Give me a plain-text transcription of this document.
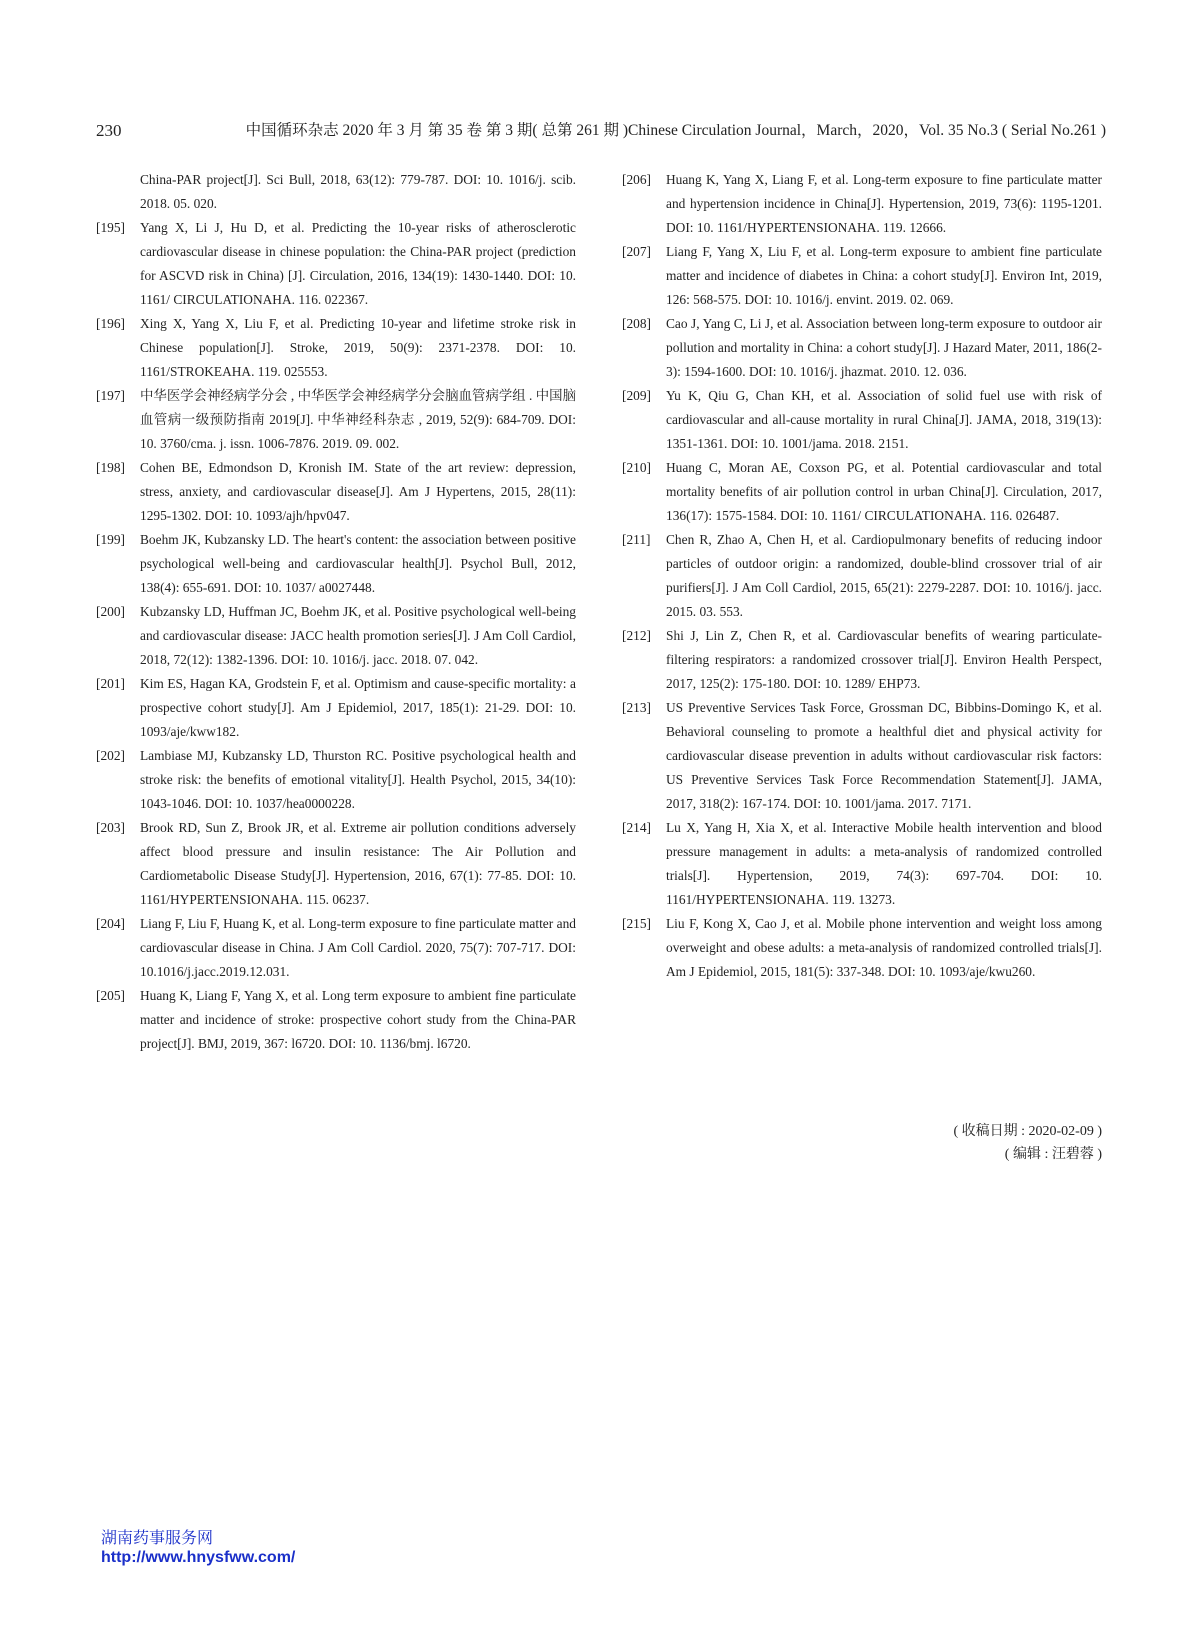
230	中国循环杂志 2020 年 3 月 第 35 卷 第 3 期( 总第 261 期 )Chinese Circulation Journal，March，2020，Vol. 35 No.3 ( Serial No.261 )
China-PAR project[J]. Sci Bull, 2018, 63(12): 779-787. DOI: 10. 1016/j. scib. 2018. 05. 020.
[195]	Yang X, Li J, Hu D, et al. Predicting the 10-year risks of atherosclerotic cardiovascular disease in chinese population: the China-PAR project (prediction for ASCVD risk in China) [J]. Circulation, 2016, 134(19): 1430-1440. DOI: 10. 1161/ CIRCULATIONAHA. 116. 022367.
[196]	Xing X, Yang X, Liu F, et al. Predicting 10-year and lifetime stroke risk in Chinese population[J]. Stroke, 2019, 50(9): 2371-2378. DOI: 10. 1161/STROKEAHA. 119. 025553.
[197]	中华医学会神经病学分会 , 中华医学会神经病学分会脑血管病学组 . 中国脑血管病一级预防指南 2019[J]. 中华神经科杂志 , 2019, 52(9): 684-709. DOI: 10. 3760/cma. j. issn. 1006-7876. 2019. 09. 002.
[198]	Cohen BE, Edmondson D, Kronish IM. State of the art review: depression, stress, anxiety, and cardiovascular disease[J]. Am J Hypertens, 2015, 28(11): 1295-1302. DOI: 10. 1093/ajh/hpv047.
[199]	Boehm JK, Kubzansky LD. The heart's content: the association between positive psychological well-being and cardiovascular health[J]. Psychol Bull, 2012, 138(4): 655-691. DOI: 10. 1037/ a0027448.
[200]	Kubzansky LD, Huffman JC, Boehm JK, et al. Positive psychological well-being and cardiovascular disease: JACC health promotion series[J]. J Am Coll Cardiol, 2018, 72(12): 1382-1396. DOI: 10. 1016/j. jacc. 2018. 07. 042.
[201]	Kim ES, Hagan KA, Grodstein F, et al. Optimism and cause-specific mortality: a prospective cohort study[J]. Am J Epidemiol, 2017, 185(1): 21-29. DOI: 10. 1093/aje/kww182.
[202]	Lambiase MJ, Kubzansky LD, Thurston RC. Positive psychological health and stroke risk: the benefits of emotional vitality[J]. Health Psychol, 2015, 34(10): 1043-1046. DOI: 10. 1037/hea0000228.
[203]	Brook RD, Sun Z, Brook JR, et al. Extreme air pollution conditions adversely affect blood pressure and insulin resistance: The Air Pollution and Cardiometabolic Disease Study[J]. Hypertension, 2016, 67(1): 77-85. DOI: 10. 1161/HYPERTENSIONAHA. 115. 06237.
[204]	Liang F, Liu F, Huang K, et al. Long-term exposure to fine particulate matter and cardiovascular disease in China. J Am Coll Cardiol. 2020, 75(7): 707-717. DOI: 10.1016/j.jacc.2019.12.031.
[205]	Huang K, Liang F, Yang X, et al. Long term exposure to ambient fine particulate matter and incidence of stroke: prospective cohort study from the China-PAR project[J]. BMJ, 2019, 367: l6720. DOI: 10. 1136/bmj. l6720.
[206]	Huang K, Yang X, Liang F, et al. Long-term exposure to fine particulate matter and hypertension incidence in China[J]. Hypertension, 2019, 73(6): 1195-1201. DOI: 10. 1161/HYPERTENSIONAHA. 119. 12666.
[207]	Liang F, Yang X, Liu F, et al. Long-term exposure to ambient fine particulate matter and incidence of diabetes in China: a cohort study[J]. Environ Int, 2019, 126: 568-575. DOI: 10. 1016/j. envint. 2019. 02. 069.
[208]	Cao J, Yang C, Li J, et al. Association between long-term exposure to outdoor air pollution and mortality in China: a cohort study[J]. J Hazard Mater, 2011, 186(2-3): 1594-1600. DOI: 10. 1016/j. jhazmat. 2010. 12. 036.
[209]	Yu K, Qiu G, Chan KH, et al. Association of solid fuel use with risk of cardiovascular and all-cause mortality in rural China[J]. JAMA, 2018, 319(13): 1351-1361. DOI: 10. 1001/jama. 2018. 2151.
[210]	Huang C, Moran AE, Coxson PG, et al. Potential cardiovascular and total mortality benefits of air pollution control in urban China[J]. Circulation, 2017, 136(17): 1575-1584. DOI: 10. 1161/ CIRCULATIONAHA. 116. 026487.
[211]	Chen R, Zhao A, Chen H, et al. Cardiopulmonary benefits of reducing indoor particles of outdoor origin: a randomized, double-blind crossover trial of air purifiers[J]. J Am Coll Cardiol, 2015, 65(21): 2279-2287. DOI: 10. 1016/j. jacc. 2015. 03. 553.
[212]	Shi J, Lin Z, Chen R, et al. Cardiovascular benefits of wearing particulate-filtering respirators: a randomized crossover trial[J]. Environ Health Perspect, 2017, 125(2): 175-180. DOI: 10. 1289/ EHP73.
[213]	US Preventive Services Task Force, Grossman DC, Bibbins-Domingo K, et al. Behavioral counseling to promote a healthful diet and physical activity for cardiovascular disease prevention in adults without cardiovascular risk factors: US Preventive Services Task Force Recommendation Statement[J]. JAMA, 2017, 318(2): 167-174. DOI: 10. 1001/jama. 2017. 7171.
[214]	Lu X, Yang H, Xia X, et al. Interactive Mobile health intervention and blood pressure management in adults: a meta-analysis of randomized controlled trials[J]. Hypertension, 2019, 74(3): 697-704. DOI: 10. 1161/HYPERTENSIONAHA. 119. 13273.
[215]	Liu F, Kong X, Cao J, et al. Mobile phone intervention and weight loss among overweight and obese adults: a meta-analysis of randomized controlled trials[J]. Am J Epidemiol, 2015, 181(5): 337-348. DOI: 10. 1093/aje/kwu260.
( 收稿日期 : 2020-02-09 )
( 编辑 : 汪碧蓉 )
湖南药事服务网
http://www.hnysfww.com/
